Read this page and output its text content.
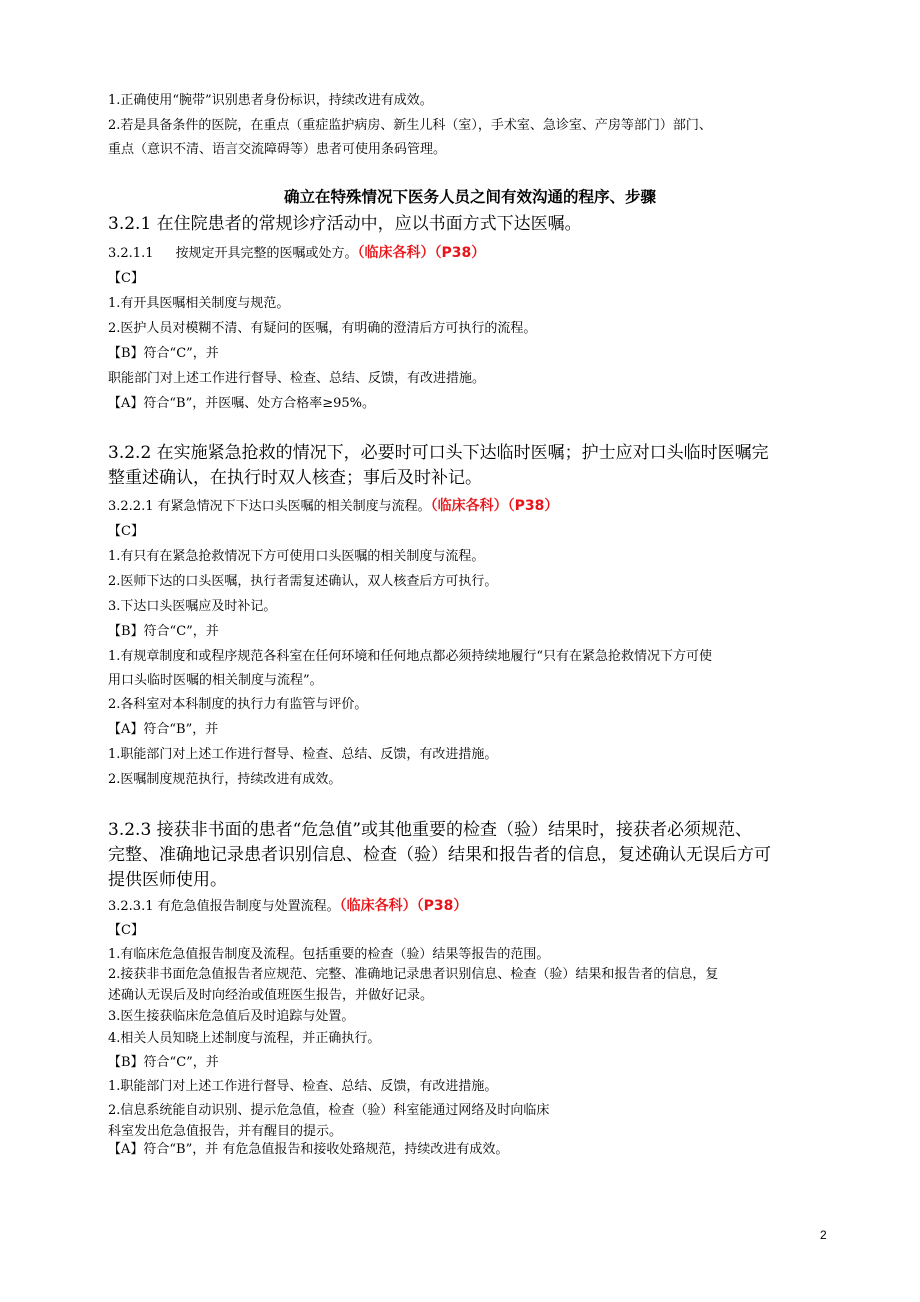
1.正确使用“腕带”识别患者身份标识，持续改进有成效。
2.若是具备条件的医院，在重点（重症监护病房、新生儿科（室），手术室、急诊室、产房等部门）部门、
重点（意识不清、语言交流障碍等）患者可使用条码管理。
确立在特殊情况下医务人员之间有效沟通的程序、步骤
3.2.1 在住院患者的常规诊疗活动中，应以书面方式下达医嘱。
3.2.1.1 按规定开具完整的医嘱或处方。（临床各科）（P38）
【C】
1.有开具医嘱相关制度与规范。
2.医护人员对模糊不清、有疑问的医嘱，有明确的澄清后方可执行的流程。
【B】符合“C”，并
职能部门对上述工作进行督导、检查、总结、反馈，有改进措施。
【A】符合“B”，并医嘱、处方合格率≥95%。
3.2.2 在实施紧急抢救的情况下，必要时可口头下达临时医嘱；护士应对口头临时医嘱完
整重述确认，在执行时双人核查；事后及时补记。
3.2.2.1 有紧急情况下下达口头医嘱的相关制度与流程。（临床各科）（P38）
【C】
1.有只有在紧急抢救情况下方可使用口头医嘱的相关制度与流程。
2.医师下达的口头医嘱，执行者需复述确认，双人核查后方可执行。
3.下达口头医嘱应及时补记。
【B】符合“C”，并
1.有规章制度和或程序规范各科室在任何环境和任何地点都必须持续地履行“只有在紧急抢救情况下方可使
用口头临时医嘱的相关制度与流程”。
2.各科室对本科制度的执行力有监管与评价。
【A】符合“B”，并
1.职能部门对上述工作进行督导、检查、总结、反馈，有改进措施。
2.医嘱制度规范执行，持续改进有成效。
3.2.3 接获非书面的患者“危急值”或其他重要的检查（验）结果时，接获者必须规范、
完整、准确地记录患者识别信息、检查（验）结果和报告者的信息，复述确认无误后方可
提供医师使用。
3.2.3.1 有危急值报告制度与处置流程。（临床各科）（P38）
【C】
1.有临床危急值报告制度及流程。包括重要的检查（验）结果等报告的范围。
2.接获非书面危急值报告者应规范、完整、准确地记录患者识别信息、检查（验）结果和报告者的信息，复
述确认无误后及时向经治或值班医生报告，并做好记录。
3.医生接获临床危急值后及时追踪与处置。
4.相关人员知晓上述制度与流程，并正确执行。
【B】符合“C”，并
1.职能部门对上述工作进行督导、检查、总结、反馈，有改进措施。
2.信息系统能自动识别、提示危急值，检查（验）科室能通过网络及时向临床
科室发出危急值报告，并有醒目的提示。
【A】符合“B”，并 有危急值报告和接收处臵规范，持续改进有成效。
2
